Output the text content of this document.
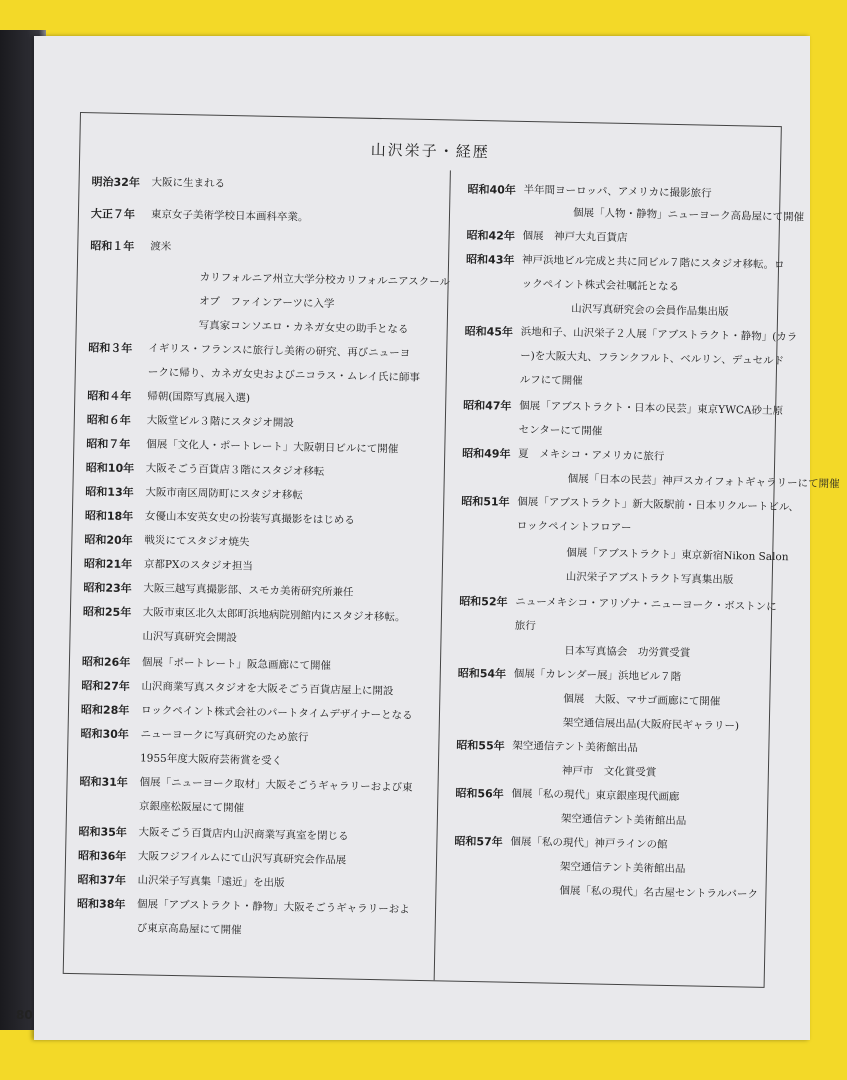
山沢栄子・経歴
明治32年 大阪に生まれる
大正７年 東京女子美術学校日本画科卒業。
昭和１年 渡米
カリフォルニア州立大学分校カリフォルニアスクール
オブ　ファインアーツに入学
写真家コンソエロ・カネガ女史の助手となる
昭和３年 イギリス・フランスに旅行し美術の研究、再びニューヨ
ークに帰り、カネガ女史およびニコラス・ムレイ氏に師事
昭和４年 帰朝(国際写真展入選)
昭和６年 大阪堂ビル３階にスタジオ開設
昭和７年 個展「文化人・ポートレート」大阪朝日ビルにて開催
昭和10年 大阪そごう百貨店３階にスタジオ移転
昭和13年 大阪市南区周防町にスタジオ移転
昭和18年 女優山本安英女史の扮装写真撮影をはじめる
昭和20年 戦災にてスタジオ焼失
昭和21年 京都PXのスタジオ担当
昭和23年 大阪三越写真撮影部、スモカ美術研究所兼任
昭和25年 大阪市東区北久太郎町浜地病院別館内にスタジオ移転。
山沢写真研究会開設
昭和26年 個展「ポートレート」阪急画廊にて開催
昭和27年 山沢商業写真スタジオを大阪そごう百貨店屋上に開設
昭和28年 ロックペイント株式会社のパートタイムデザイナーとなる
昭和30年 ニューヨークに写真研究のため旅行
1955年度大阪府芸術賞を受く
昭和31年 個展「ニューヨーク取材」大阪そごうギャラリーおよび東
京銀座松阪屋にて開催
昭和35年 大阪そごう百貨店内山沢商業写真室を閉じる
昭和36年 大阪フジフイルムにて山沢写真研究会作品展
昭和37年 山沢栄子写真集「遠近」を出版
昭和38年 個展「アブストラクト・静物」大阪そごうギャラリーおよ
び東京高島屋にて開催
昭和40年 半年間ヨーロッパ、アメリカに撮影旅行
個展「人物・静物」ニューヨーク高島屋にて開催
昭和42年 個展　神戸大丸百貨店
昭和43年 神戸浜地ビル完成と共に同ビル７階にスタジオ移転。ロ
ックペイント株式会社嘱託となる
山沢写真研究会の会員作品集出版
昭和45年 浜地和子、山沢栄子２人展「アブストラクト・静物」(カラ
ー)を大阪大丸、フランクフルト、ベルリン、デュセルド
ルフにて開催
昭和47年 個展「アブストラクト・日本の民芸」東京YWCA砂土原
センターにて開催
昭和49年 夏　メキシコ・アメリカに旅行
個展「日本の民芸」神戸スカイフォトギャラリーにて開催
昭和51年 個展「アブストラクト」新大阪駅前・日本リクルートビル、
ロックペイントフロアー
個展「アブストラクト」東京新宿Nikon Salon
山沢栄子アブストラクト写真集出版
昭和52年 ニューメキシコ・アリゾナ・ニューヨーク・ボストンに
旅行
日本写真協会　功労賞受賞
昭和54年 個展「カレンダー展」浜地ビル７階
個展　大阪、マサゴ画廊にて開催
架空通信展出品(大阪府民ギャラリー)
昭和55年 架空通信テント美術館出品
神戸市　文化賞受賞
昭和56年 個展「私の現代」東京銀座現代画廊
架空通信テント美術館出品
昭和57年 個展「私の現代」神戸ラインの館
架空通信テント美術館出品
個展「私の現代」名古屋セントラルパーク
80
